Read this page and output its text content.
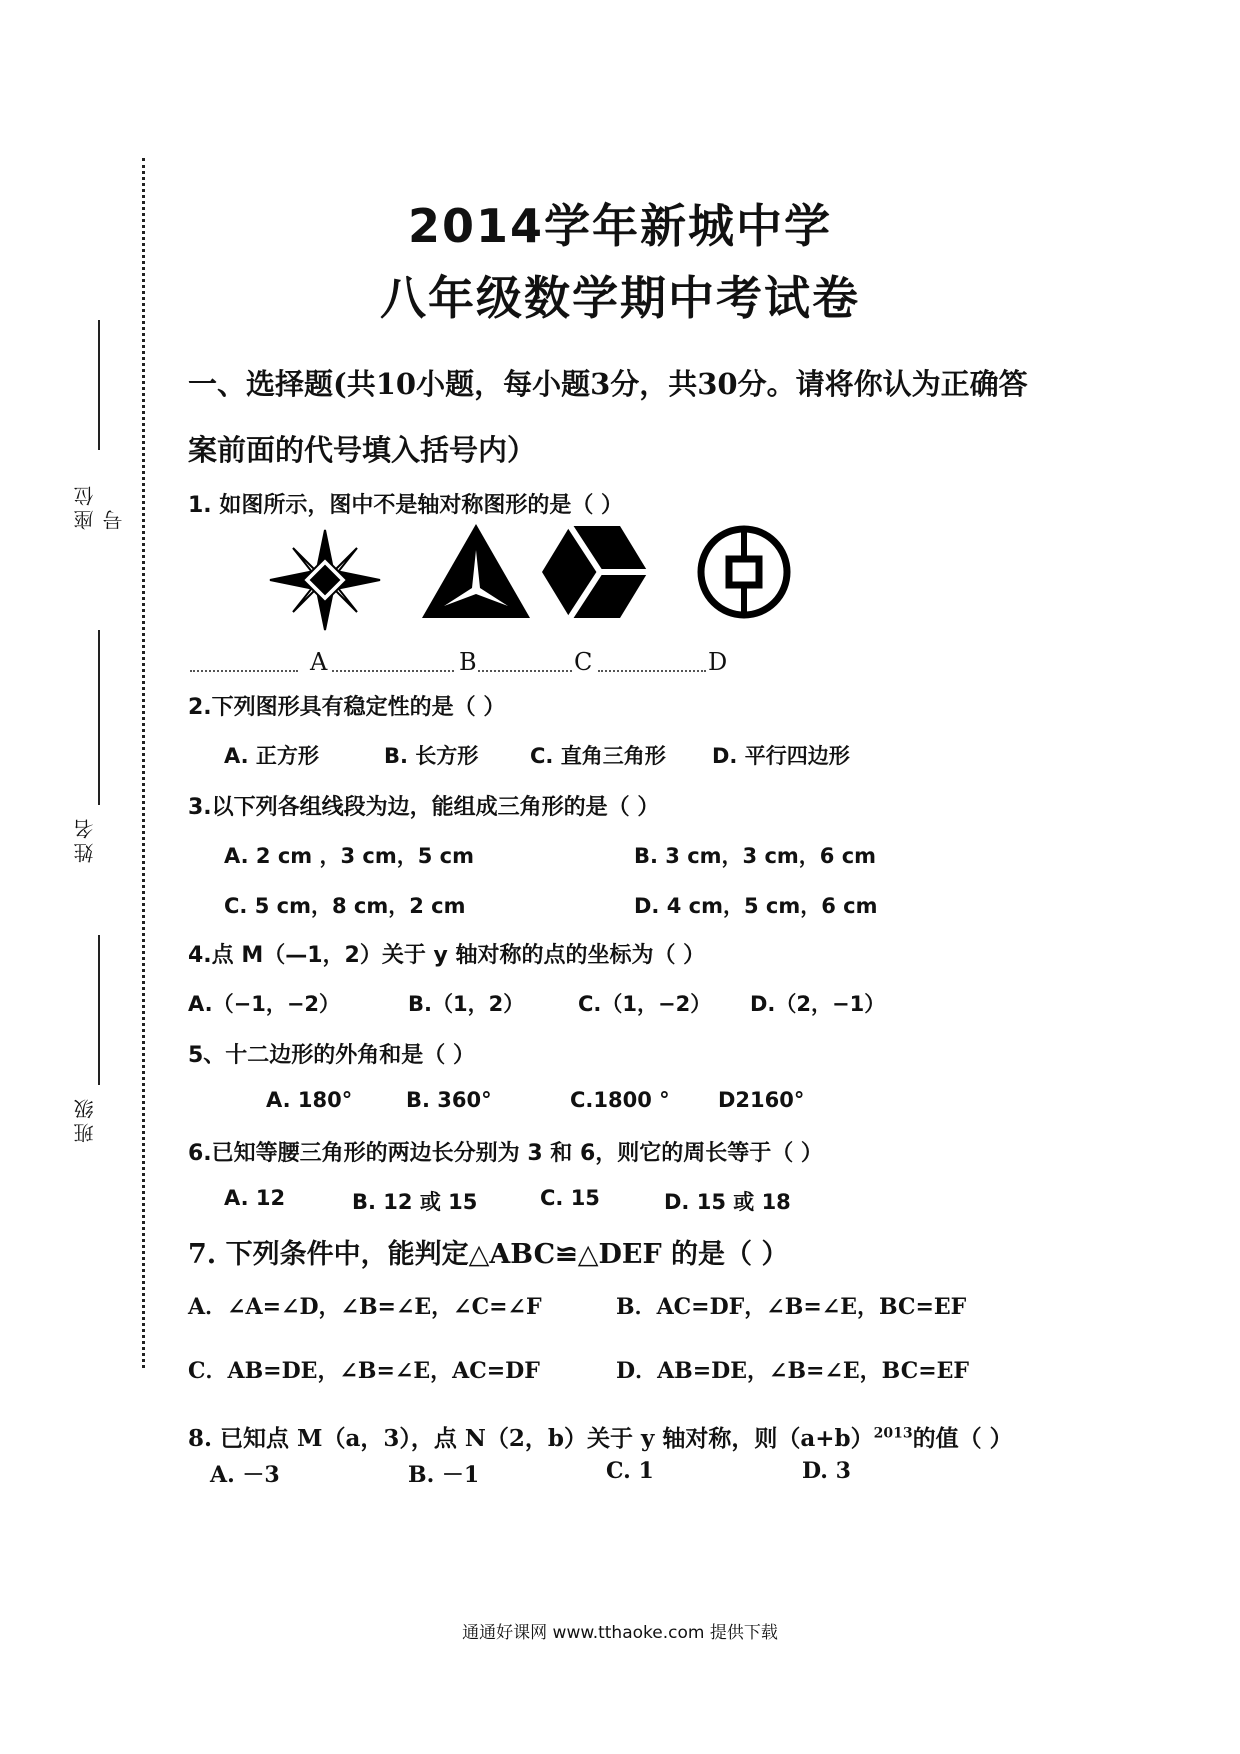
座位号
姓名
班级
2014学年新城中学
八年级数学期中考试卷
一、选择题(共10小题，每小题3分，共30分。请将你认为正确答
案前面的代号填入括号内）
1. 如图所示，图中不是轴对称图形的是（ ）
A	B	C	D
2.下列图形具有稳定性的是（ ）
A. 正方形	B. 长方形 C. 直角三角形 D. 平行四边形
3.以下列各组线段为边，能组成三角形的是（ ）
A. 2 cm ，3 cm，5 cm	B. 3 cm，3 cm，6 cm
C. 5 cm，8 cm，2 cm	D. 4 cm，5 cm，6 cm
4.点 M（—1，2）关于 y 轴对称的点的坐标为（ ）
A.（−1，−2）	B.（1，2）	C.（1，−2） D.（2，−1）
5、十二边形的外角和是（ ）
A. 180°	B. 360°	C.1800 ° D2160°
6.已知等腰三角形的两边长分别为 3 和 6，则它的周长等于（ ）
A. 12	B. 12 或 15	C. 15	D. 15 或 18
7. 下列条件中，能判定△ABC≌△DEF 的是（ ）
A．∠A=∠D，∠B=∠E，∠C=∠F	B．AC=DF，∠B=∠E，BC=EF
C．AB=DE，∠B=∠E，AC=DF	D．AB=DE，∠B=∠E，BC=EF
8. 已知点 M（a，3），点 N（2，b）关于 y 轴对称，则$(a+b)^{2013}$的值（ ）
A. －3	B. －1	C. 1	D. 3
通通好课网 www.tthaoke.com 提供下载
